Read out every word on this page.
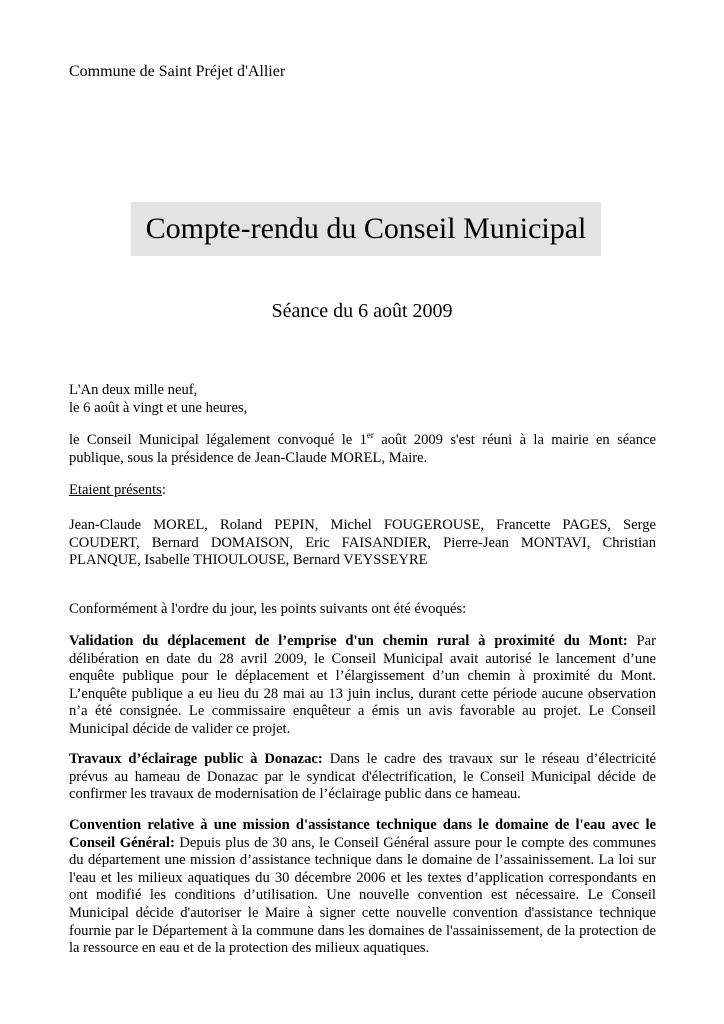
Commune de Saint Préjet d'Allier
Compte-rendu du Conseil Municipal
Séance du 6 août 2009
L'An deux mille neuf,
le 6 août à vingt et une heures,
le Conseil Municipal légalement convoqué le 1er août 2009 s'est réuni à la mairie en séance
publique, sous la présidence de Jean-Claude MOREL, Maire.
Etaient présents:
Jean-Claude MOREL, Roland PEPIN, Michel FOUGEROUSE, Francette PAGES, Serge
COUDERT, Bernard DOMAISON, Eric FAISANDIER, Pierre-Jean MONTAVI, Christian
PLANQUE, Isabelle THIOULOUSE, Bernard VEYSSEYRE
Conformément à l'ordre du jour, les points suivants ont été évoqués:
Validation du déplacement de l’emprise d'un chemin rural à proximité du Mont: Par
délibération en date du 28 avril 2009, le Conseil Municipal avait autorisé le lancement d’une
enquête publique pour le déplacement et l’élargissement d’un chemin à proximité du Mont.
L’enquête publique a eu lieu du 28 mai au 13 juin inclus, durant cette période aucune observation
n’a été consignée. Le commissaire enquêteur a émis un avis favorable au projet. Le Conseil
Municipal décide de valider ce projet.
Travaux d’éclairage public à Donazac: Dans le cadre des travaux sur le réseau d’électricité
prévus au hameau de Donazac par le syndicat d'électrification, le Conseil Municipal décide de
confirmer les travaux de modernisation de l’éclairage public dans ce hameau.
Convention relative à une mission d'assistance technique dans le domaine de l'eau avec le
Conseil Général: Depuis plus de 30 ans, le Conseil Général assure pour le compte des communes
du département une mission d’assistance technique dans le domaine de l’assainissement. La loi sur
l'eau et les milieux aquatiques du 30 décembre 2006 et les textes d’application correspondants en
ont modifié les conditions d’utilisation. Une nouvelle convention est nécessaire. Le Conseil
Municipal décide d'autoriser le Maire à signer cette nouvelle convention d'assistance technique
fournie par le Département à la commune dans les domaines de l'assainissement, de la protection de
la ressource en eau et de la protection des milieux aquatiques.
